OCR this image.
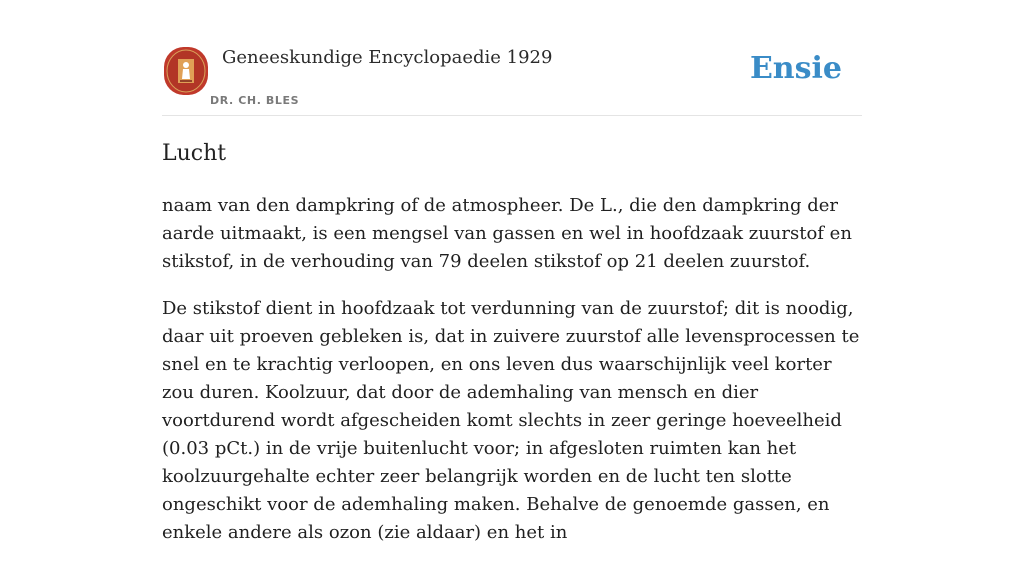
Geneeskundige Encyclopaedie 1929
DR. CH. BLES
Ensie
Lucht

naam van den dampkring of de atmospheer. De L., die den dampkring der aarde uitmaakt, is een mengsel van gassen en wel in hoofdzaak zuurstof en stikstof, in de verhouding van 79 deelen stikstof op 21 deelen zuurstof.

De stikstof dient in hoofdzaak tot verdunning van de zuurstof; dit is noodig, daar uit proeven gebleken is, dat in zuivere zuurstof alle levensprocessen te snel en te krachtig verloopen, en ons leven dus waarschijnlijk veel korter zou duren. Koolzuur, dat door de ademhaling van mensch en dier voortdurend wordt afgescheiden komt slechts in zeer geringe hoeveelheid (0.03 pCt.) in de vrije buitenlucht voor; in afgesloten ruimten kan het koolzuurgehalte echter zeer belangrijk worden en de lucht ten slotte ongeschikt voor de ademhaling maken. Behalve de genoemde gassen, en enkele andere als ozon (zie aldaar) en het in
